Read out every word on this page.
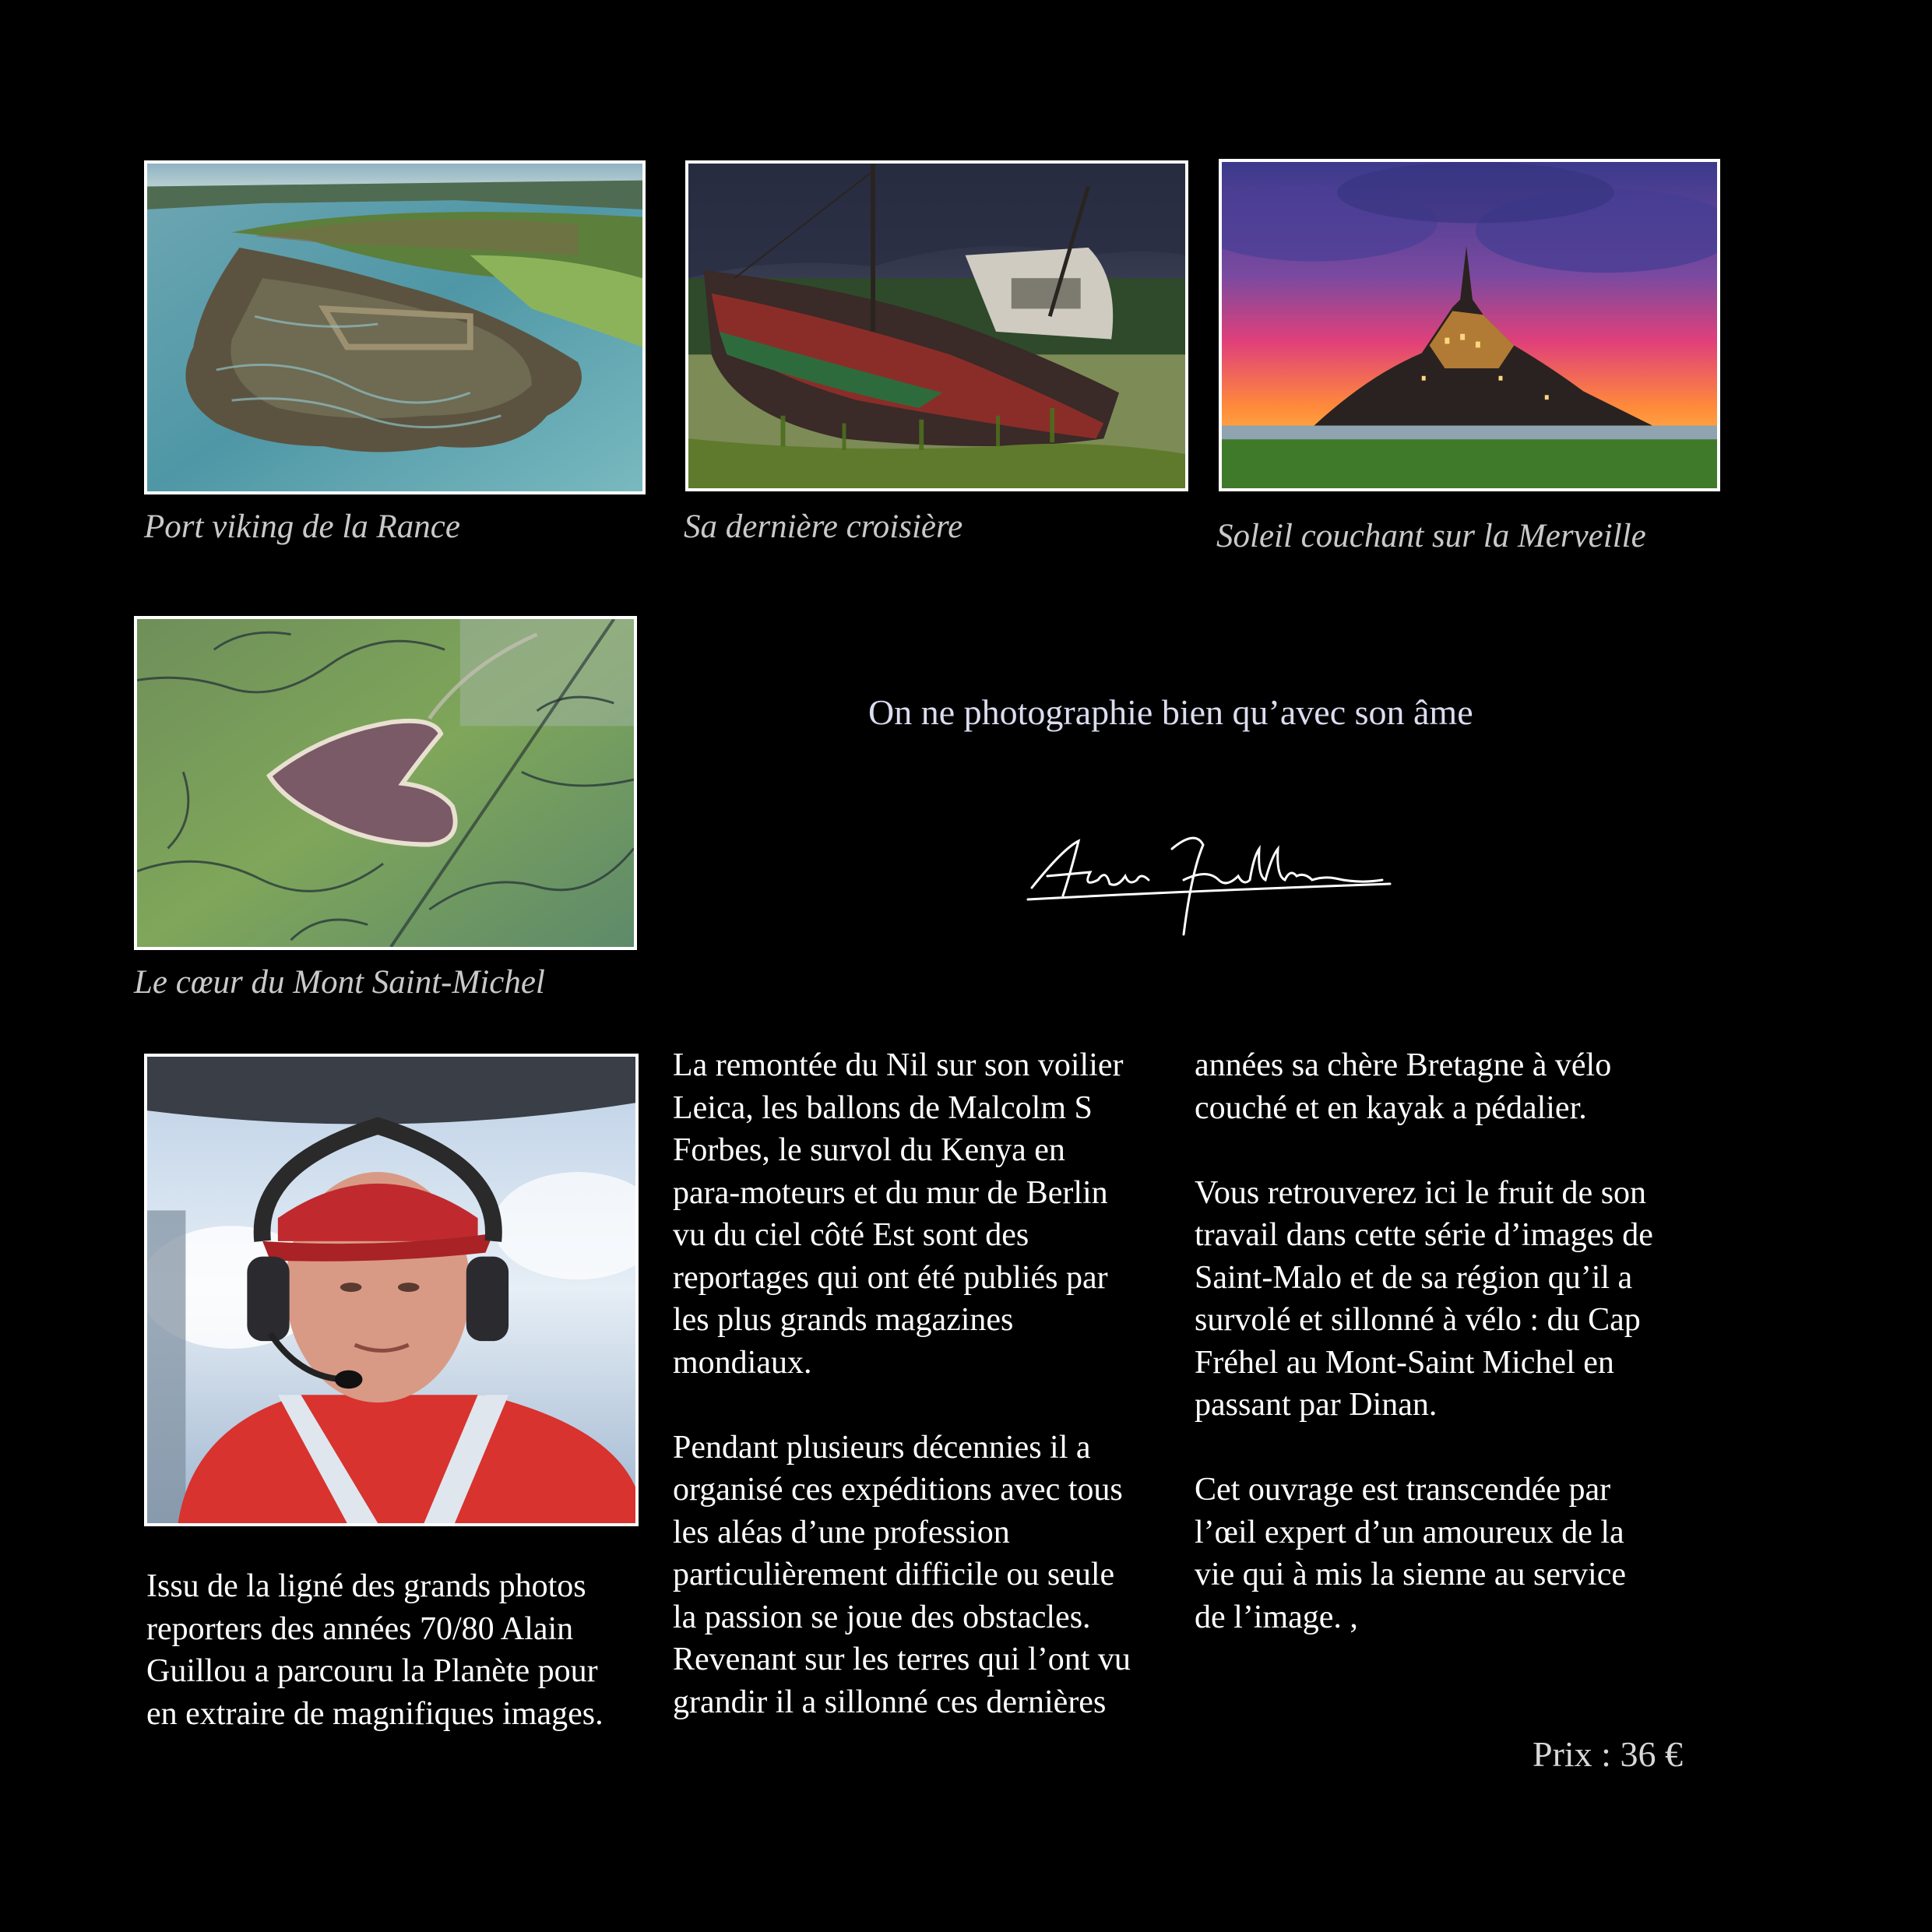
Port viking de la Rance	Sa dernière croisière	Soleil couchant sur la Merveille
Le cœur du Mont Saint-Michel
On ne photographie bien qu’avec son âme
Issu de la ligné des grands photos
reporters des années 70/80 Alain
Guillou a parcouru la Planète pour
en extraire de magnifiques images.
La remontée du Nil sur son voilier
Leica, les ballons de Malcolm S
Forbes, le survol du Kenya en
para-moteurs et du mur de Berlin
vu du ciel côté Est sont des
reportages qui ont été publiés par
les plus grands magazines
mondiaux.

Pendant plusieurs décennies il a
organisé ces expéditions avec tous
les aléas d’une profession
particulièrement difficile ou seule
la passion se joue des obstacles.
Revenant sur les terres qui l’ont vu
grandir il a sillonné ces dernières
années sa chère Bretagne à vélo
couché et en kayak a pédalier.

Vous retrouverez ici le fruit de son
travail dans cette série d’images de
Saint-Malo et de sa région qu’il a
survolé et sillonné à vélo : du Cap
Fréhel au Mont-Saint Michel en
passant par Dinan.

Cet ouvrage est transcendée par
l’œil expert d’un amoureux de la
vie qui à mis la sienne au service
de l’image. ,
Prix : 36 €
